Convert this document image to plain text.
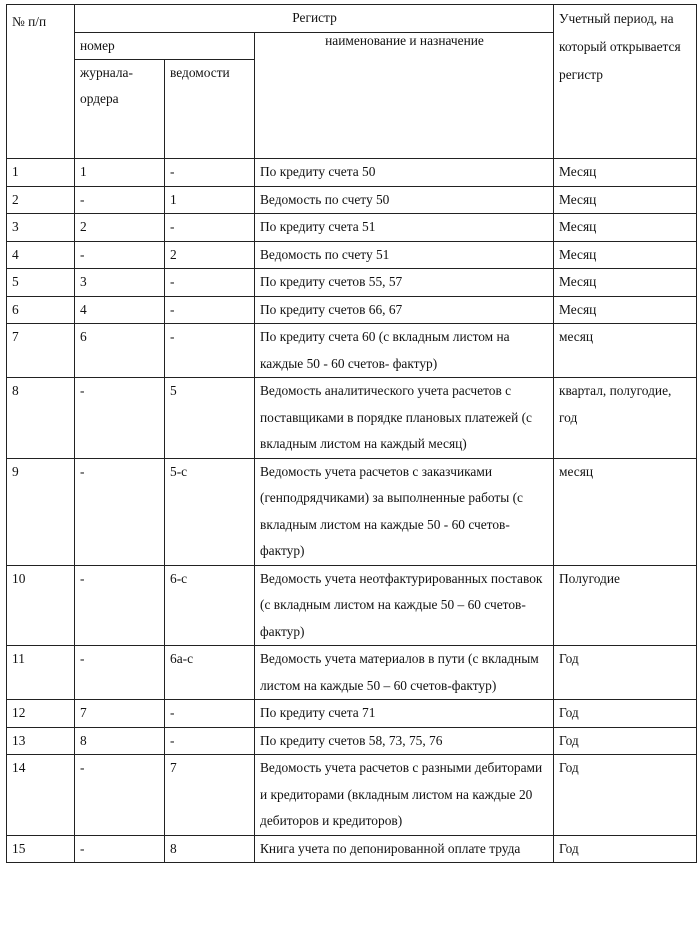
№ п/п	Регистр			Учетный период, на который открывается регистр
	номер		наименование и назначение	
	журнала-ордера	ведомости		
1	1	-	По кредиту счета 50	Месяц
2	-	1	Ведомость по счету 50	Месяц
3	2	-	По кредиту счета 51	Месяц
4	-	2	Ведомость по счету 51	Месяц
5	3	-	По кредиту счетов 55, 57	Месяц
6	4	-	По кредиту счетов 66, 67	Месяц
7	6	-	По кредиту счета 60 (с вкладным листом на каждые 50 - 60 счетов- фактур)	месяц
8	-	5	Ведомость аналитического учета расчетов с поставщиками в порядке плановых платежей (с вкладным листом на каждый месяц)	квартал, полугодие, год
9	-	5-с	Ведомость учета расчетов с заказчиками (генподрядчиками) за выполненные работы (с вкладным листом на каждые 50 - 60 счетов-фактур)	месяц
10	-	6-с	Ведомость учета неотфактурированных поставок (с вкладным листом на каждые 50 – 60 счетов-фактур)	Полугодие
11	-	6а-с	Ведомость учета материалов в пути (с вкладным листом на каждые 50 – 60 счетов-фактур)	Год
12	7	-	По кредиту счета 71	Год
13	8	-	По кредиту счетов 58, 73, 75, 76	Год
14	-	7	Ведомость учета расчетов с разными дебиторами и кредиторами (вкладным листом на каждые 20 дебиторов и кредиторов)	Год
15	-	8	Книга учета по депонированной оплате труда	Год
